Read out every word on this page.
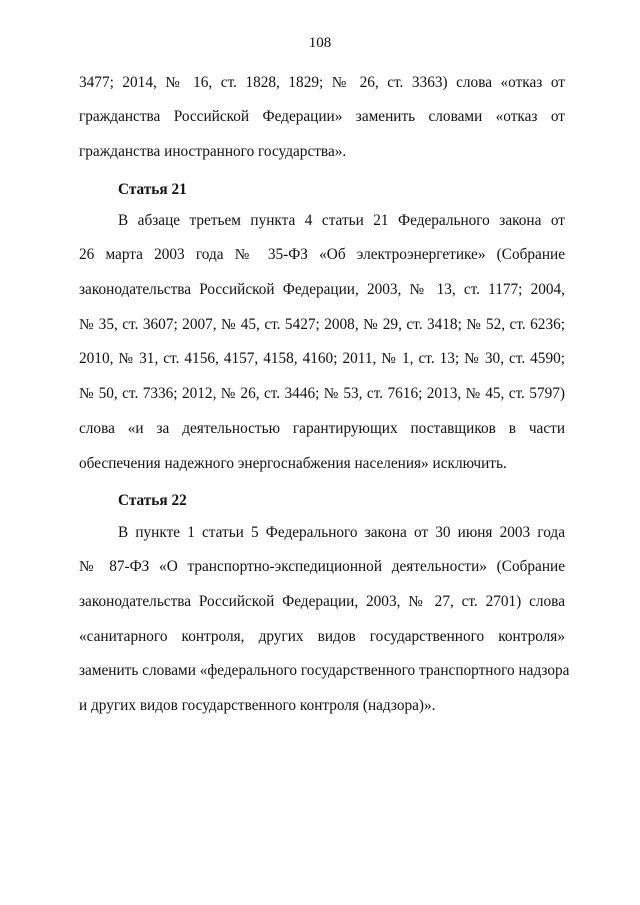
108
3477; 2014, № 16, ст. 1828, 1829; № 26, ст. 3363) слова «отказ от
гражданства Российской Федерации» заменить словами «отказ от
гражданства иностранного государства».
Статья 21
В абзаце третьем пункта 4 статьи 21 Федерального закона от
26 марта 2003 года № 35-ФЗ «Об электроэнергетике» (Собрание
законодательства Российской Федерации, 2003, № 13, ст. 1177; 2004,
№ 35, ст. 3607; 2007, № 45, ст. 5427; 2008, № 29, ст. 3418; № 52, ст. 6236;
2010, № 31, ст. 4156, 4157, 4158, 4160; 2011, № 1, ст. 13; № 30, ст. 4590;
№ 50, ст. 7336; 2012, № 26, ст. 3446; № 53, ст. 7616; 2013, № 45, ст. 5797)
слова «и за деятельностью гарантирующих поставщиков в части
обеспечения надежного энергоснабжения населения» исключить.
Статья 22
В пункте 1 статьи 5 Федерального закона от 30 июня 2003 года
№ 87-ФЗ «О транспортно-экспедиционной деятельности» (Собрание
законодательства Российской Федерации, 2003, № 27, ст. 2701) слова
«санитарного контроля, других видов государственного контроля»
заменить словами «федерального государственного транспортного надзора
и других видов государственного контроля (надзора)».
